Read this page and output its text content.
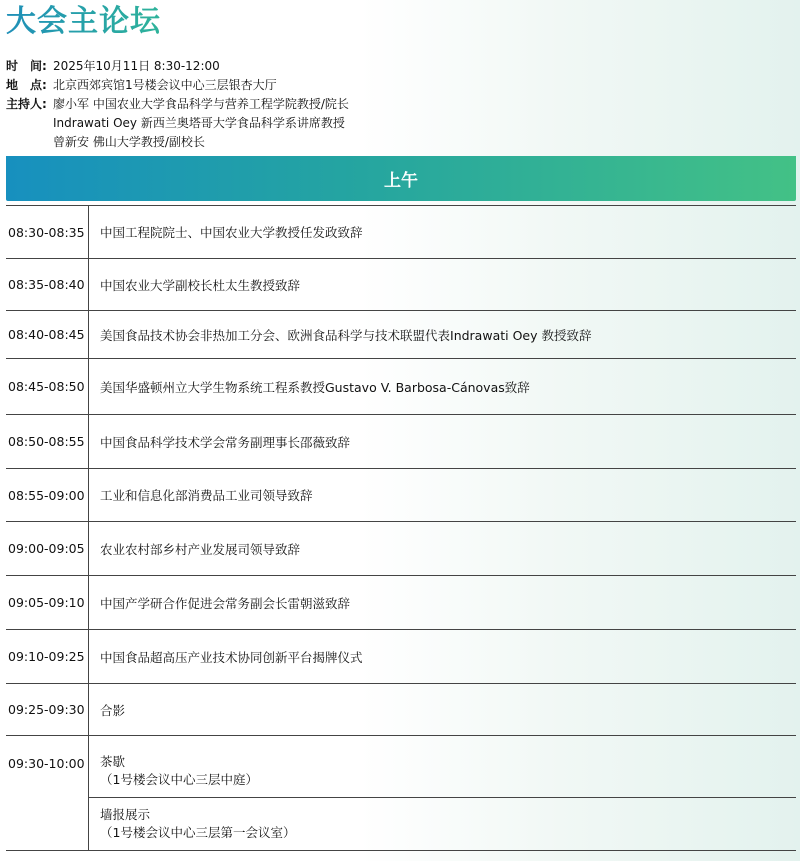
大会主论坛
时　间: 2025年10月11日 8:30-12:00
地　点: 北京西郊宾馆1号楼会议中心三层银杏大厅
主持人: 廖小军 中国农业大学食品科学与营养工程学院教授/院长
Indrawati Oey 新西兰奥塔哥大学食品科学系讲席教授
曾新安 佛山大学教授/副校长
上午
08:30-08:35	中国工程院院士、中国农业大学教授任发政致辞
08:35-08:40	中国农业大学副校长杜太生教授致辞
08:40-08:45	美国食品技术协会非热加工分会、欧洲食品科学与技术联盟代表Indrawati Oey 教授致辞
08:45-08:50	美国华盛顿州立大学生物系统工程系教授Gustavo V. Barbosa-Cánovas致辞
08:50-08:55	中国食品科学技术学会常务副理事长邵薇致辞
08:55-09:00	工业和信息化部消费品工业司领导致辞
09:00-09:05	农业农村部乡村产业发展司领导致辞
09:05-09:10	中国产学研合作促进会常务副会长雷朝滋致辞
09:10-09:25	中国食品超高压产业技术协同创新平台揭牌仪式
09:25-09:30	合影
09:30-10:00	茶歇
（1号楼会议中心三层中庭）
墙报展示
（1号楼会议中心三层第一会议室）
